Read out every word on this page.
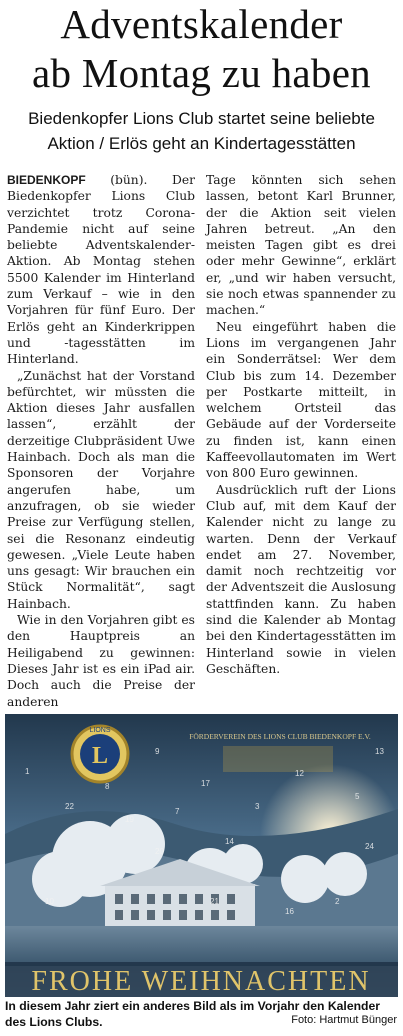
Adventskalender
ab Montag zu haben
Biedenkopfer Lions Club startet seine beliebte
Aktion / Erlös geht an Kindertagesstätten

BIEDENKOPF (bün). Der Biedenkopfer Lions Club verzichtet trotz Corona-Pandemie nicht auf seine beliebte Adventskalender-Aktion. Ab Montag stehen 5500 Kalender im Hinterland zum Verkauf – wie in den Vorjahren für fünf Euro. Der Erlös geht an Kinderkrippen und -tagesstätten im Hinterland.

„Zunächst hat der Vorstand befürchtet, wir müssten die Aktion dieses Jahr ausfallen lassen“, erzählt der derzeitige Clubpräsident Uwe Hainbach. Doch als man die Sponsoren der Vorjahre angerufen habe, um anzufragen, ob sie wieder Preise zur Verfügung stellen, sei die Resonanz eindeutig gewesen. „Viele Leute haben uns gesagt: Wir brauchen ein Stück Normalität“, sagt Hainbach.

Wie in den Vorjahren gibt es den Hauptpreis an Heiligabend zu gewinnen: Dieses Jahr ist es ein iPad air. Doch auch die Preise der anderen

Tage könnten sich sehen lassen, betont Karl Brunner, der die Aktion seit vielen Jahren betreut. „An den meisten Tagen gibt es drei oder mehr Gewinne“, erklärt er, „und wir haben versucht, sie noch etwas spannender zu machen.“

Neu eingeführt haben die Lions im vergangenen Jahr ein Sonderrätsel: Wer dem Club bis zum 14. Dezember per Postkarte mitteilt, in welchem Ortsteil das Gebäude auf der Vorderseite zu finden ist, kann einen Kaffeevollautomaten im Wert von 800 Euro gewinnen.

Ausdrücklich ruft der Lions Club auf, mit dem Kauf der Kalender nicht zu lange zu warten. Denn der Verkauf endet am 27. November, damit noch rechtzeitig vor der Adventszeit die Auslosung stattfinden kann. Zu haben sind die Kalender ab Montag bei den Kindertagesstätten im Hinterland sowie in vielen Geschäften.

L
LIONS
FÖRDERVEREIN DES LIONS CLUB BIEDENKOPF E.V.
9
17
3
22
12
5
19
1
14
7
24
21
10
16
2
20
8
13
FROHE WEIHNACHTEN
In diesem Jahr ziert ein anderes Bild als im Vorjahr den Kalender des Lions Clubs.	Foto: Hartmut Bünger
